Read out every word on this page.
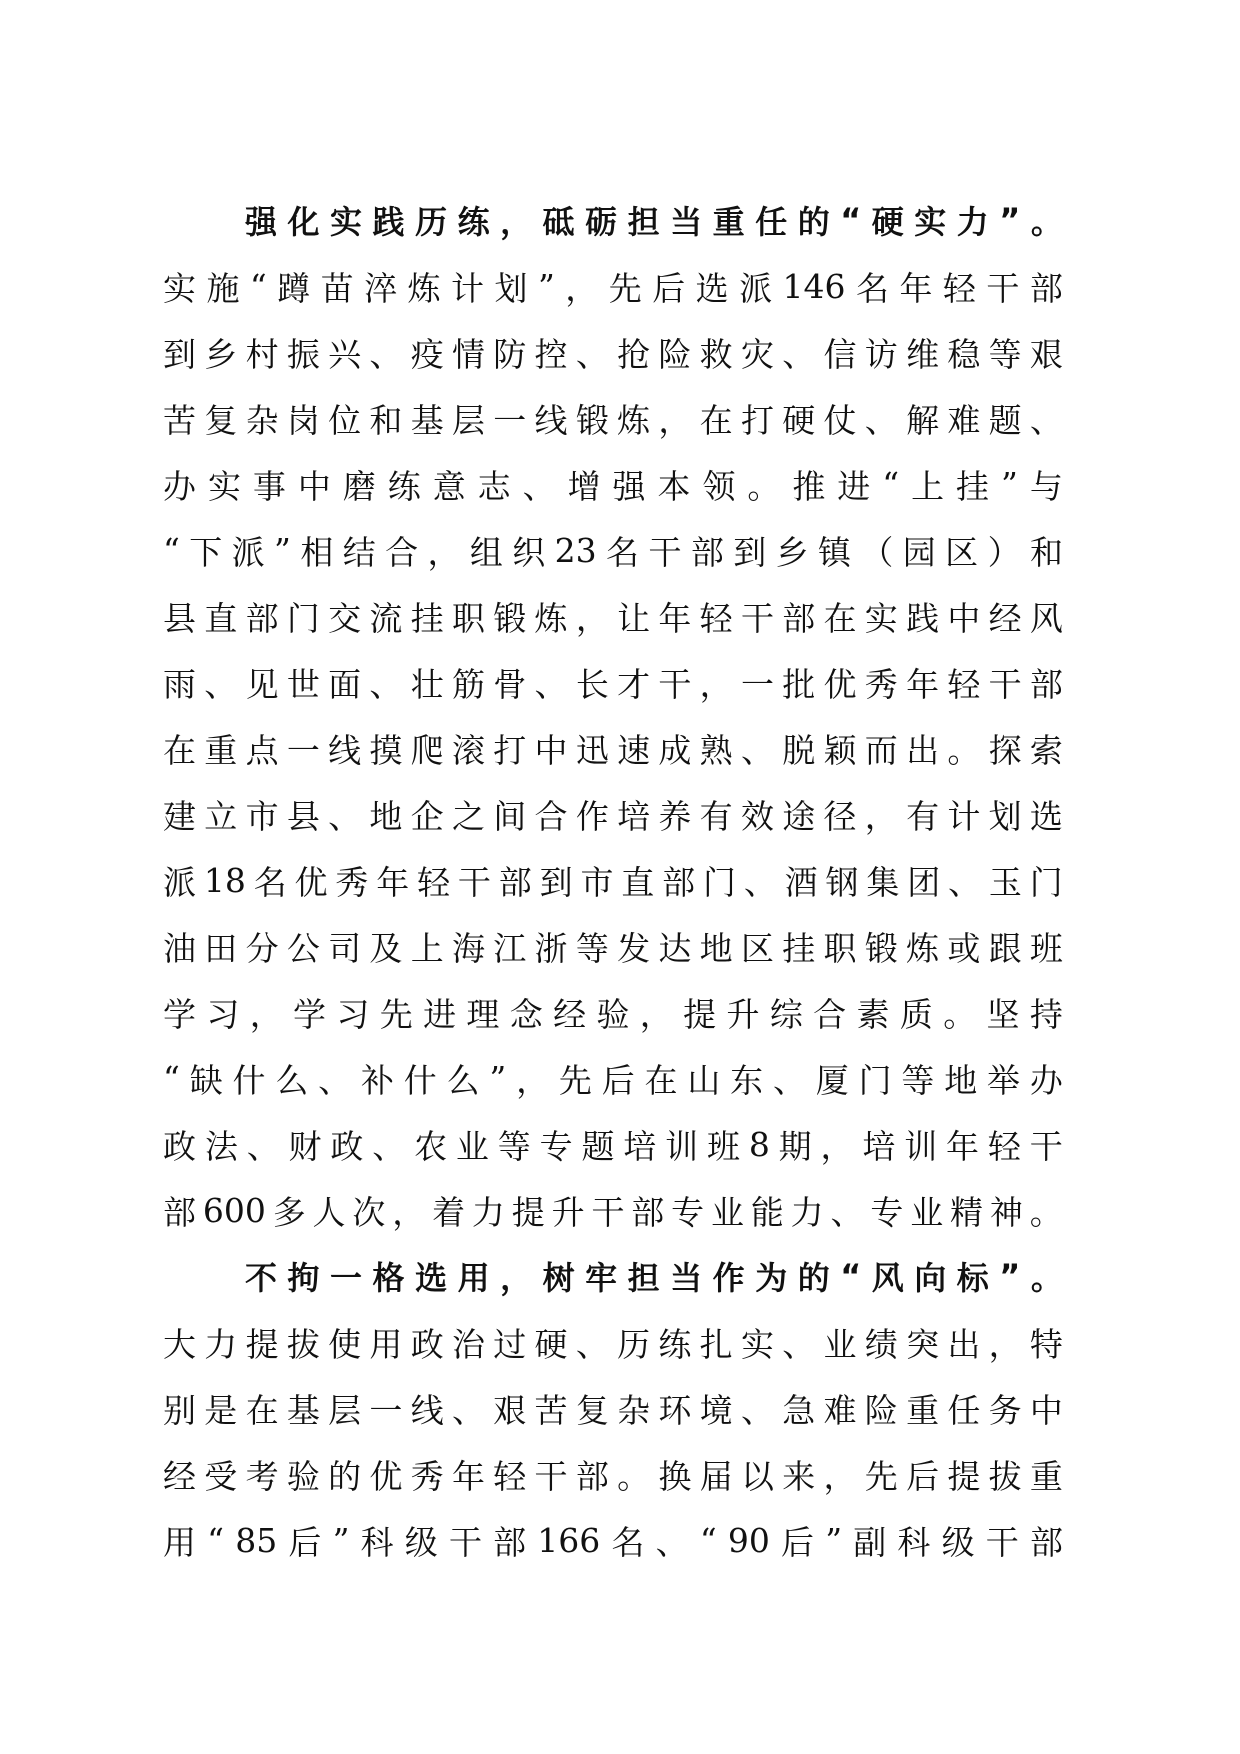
强 化 实 践 历 练 ， 砥 砺 担 当 重 任 的 “ 硬 实 力 ” 。
实 施 “ 蹲 苗 淬 炼 计 划 ” ， 先 后 选 派 146 名 年 轻 干 部
到 乡 村 振 兴 、 疫 情 防 控 、 抢 险 救 灾 、 信 访 维 稳 等 艰
苦 复 杂 岗 位 和 基 层 一 线 锻 炼 ， 在 打 硬 仗 、 解 难 题 、
办 实 事 中 磨 练 意 志 、 增 强 本 领 。 推 进 “ 上 挂 ” 与
“ 下 派 ” 相 结 合 ， 组 织 23 名 干 部 到 乡 镇 （ 园 区 ） 和
县 直 部 门 交 流 挂 职 锻 炼 ， 让 年 轻 干 部 在 实 践 中 经 风
雨 、 见 世 面 、 壮 筋 骨 、 长 才 干 ， 一 批 优 秀 年 轻 干 部
在 重 点 一 线 摸 爬 滚 打 中 迅 速 成 熟 、 脱 颖 而 出 。 探 索
建 立 市 县 、 地 企 之 间 合 作 培 养 有 效 途 径 ， 有 计 划 选
派 18 名 优 秀 年 轻 干 部 到 市 直 部 门 、 酒 钢 集 团 、 玉 门
油 田 分 公 司 及 上 海 江 浙 等 发 达 地 区 挂 职 锻 炼 或 跟 班
学 习 ， 学 习 先 进 理 念 经 验 ， 提 升 综 合 素 质 。 坚 持
“ 缺 什 么 、 补 什 么 ” ， 先 后 在 山 东 、 厦 门 等 地 举 办
政 法 、 财 政 、 农 业 等 专 题 培 训 班 8 期 ， 培 训 年 轻 干
部 600 多 人 次 ， 着 力 提 升 干 部 专 业 能 力 、 专 业 精 神 。
不 拘 一 格 选 用 ， 树 牢 担 当 作 为 的 “ 风 向 标 ” 。
大 力 提 拔 使 用 政 治 过 硬 、 历 练 扎 实 、 业 绩 突 出 ， 特
别 是 在 基 层 一 线 、 艰 苦 复 杂 环 境 、 急 难 险 重 任 务 中
经 受 考 验 的 优 秀 年 轻 干 部 。 换 届 以 来 ， 先 后 提 拔 重
用 “ 85 后 ” 科 级 干 部 166 名 、 “ 90 后 ” 副 科 级 干 部
